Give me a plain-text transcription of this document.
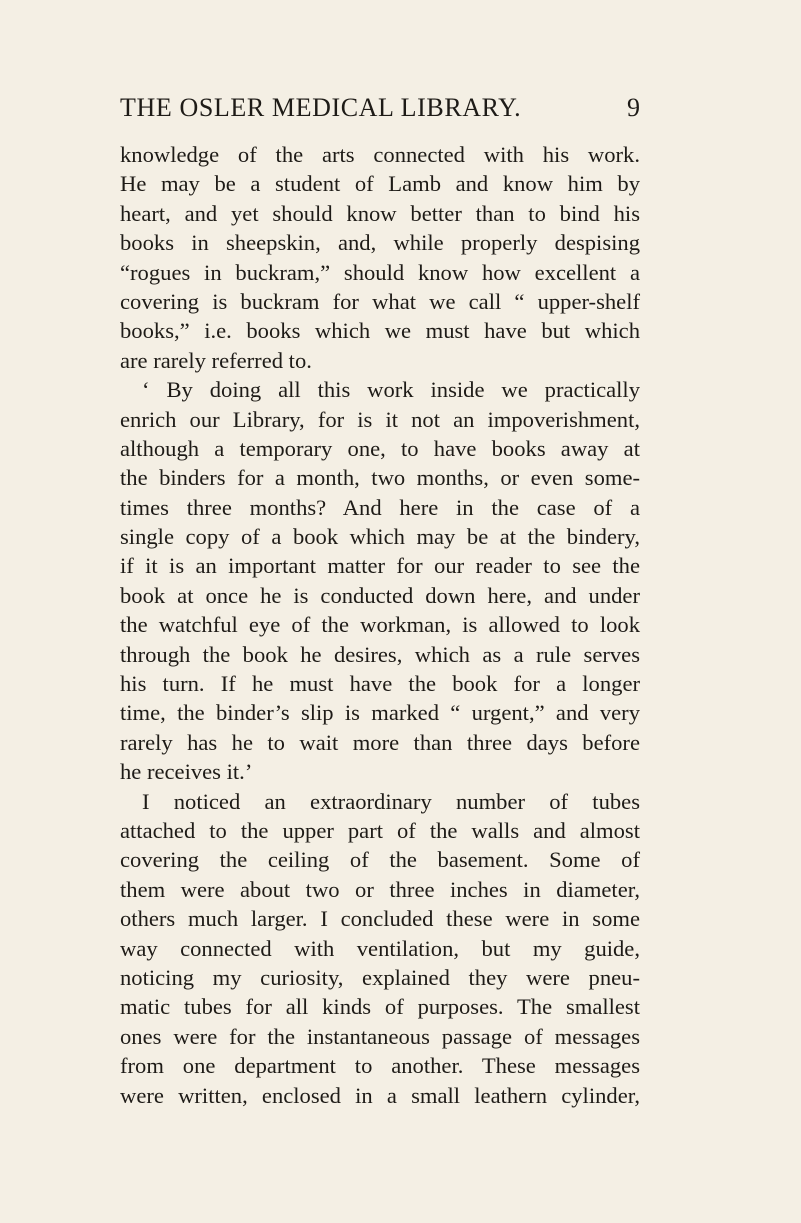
THE OSLER MEDICAL LIBRARY.	9
knowledge of the arts connected with his work.
He may be a student of Lamb and know him by
heart, and yet should know better than to bind his
books in sheepskin, and, while properly despising
“rogues in buckram,” should know how excellent a
covering is buckram for what we call “ upper-shelf
books,” i.e. books which we must have but which
are rarely referred to.
‘ By doing all this work inside we practically
enrich our Library, for is it not an impoverishment,
although a temporary one, to have books away at
the binders for a month, two months, or even some-
times three months? And here in the case of a
single copy of a book which may be at the bindery,
if it is an important matter for our reader to see the
book at once he is conducted down here, and under
the watchful eye of the workman, is allowed to look
through the book he desires, which as a rule serves
his turn. If he must have the book for a longer
time, the binder’s slip is marked “ urgent,” and very
rarely has he to wait more than three days before
he receives it.’
I noticed an extraordinary number of tubes
attached to the upper part of the walls and almost
covering the ceiling of the basement. Some of
them were about two or three inches in diameter,
others much larger. I concluded these were in some
way connected with ventilation, but my guide,
noticing my curiosity, explained they were pneu-
matic tubes for all kinds of purposes. The smallest
ones were for the instantaneous passage of messages
from one department to another. These messages
were written, enclosed in a small leathern cylinder,
